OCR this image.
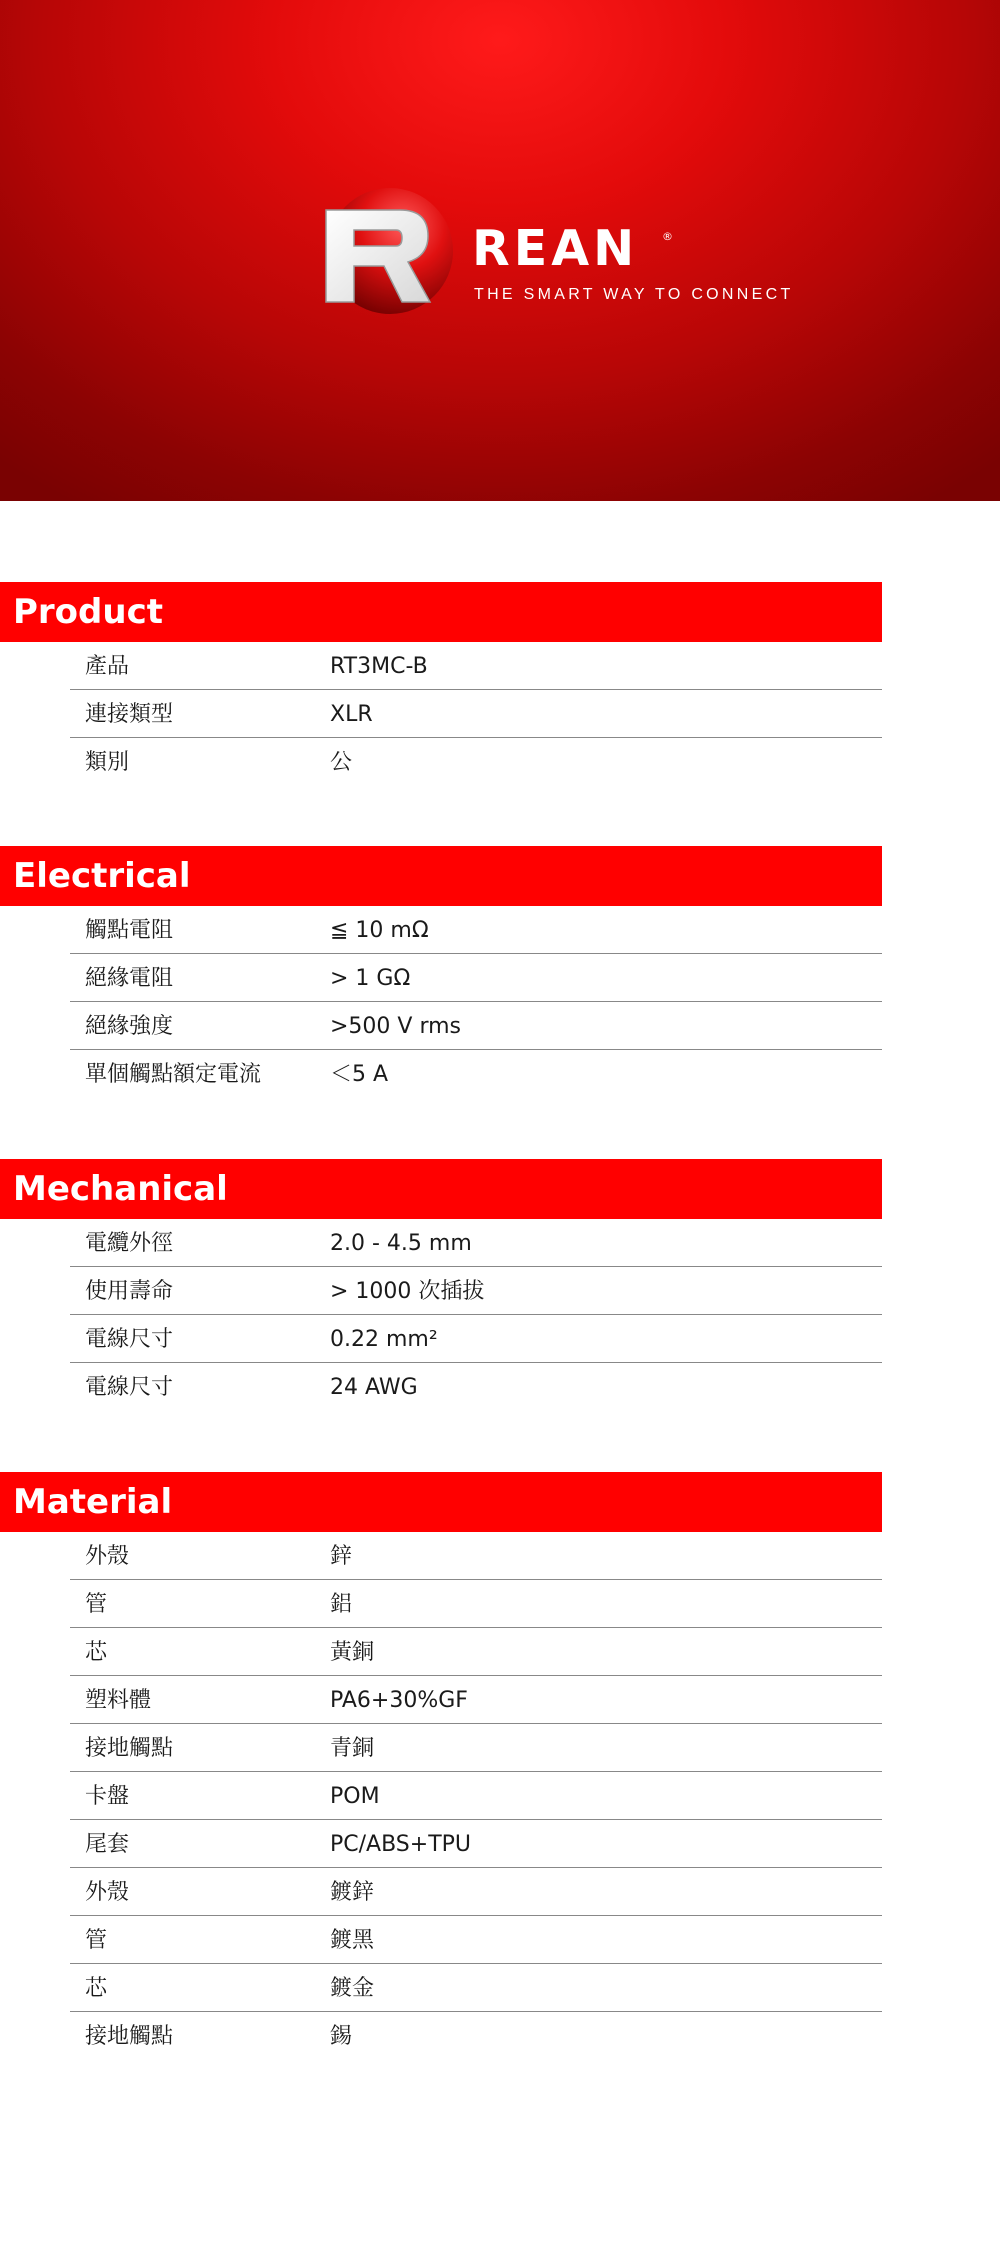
REAN ®
THE SMART WAY TO CONNECT
Product
產品	RT3MC-B
連接類型	XLR
類別	公
Electrical
觸點電阻	≦ 10 mΩ
絕緣電阻	> 1 GΩ
絕緣強度	>500 V rms
單個觸點額定電流	＜5 A
Mechanical
電纜外徑	2.0 - 4.5 mm
使用壽命	> 1000 次插拔
電線尺寸	0.22 mm²
電線尺寸	24 AWG
Material
外殼	鋅
管	鋁
芯	黃銅
塑料體	PA6+30%GF
接地觸點	青銅
卡盤	POM
尾套	PC/ABS+TPU
外殼	鍍鋅
管	鍍黑
芯	鍍金
接地觸點	錫
